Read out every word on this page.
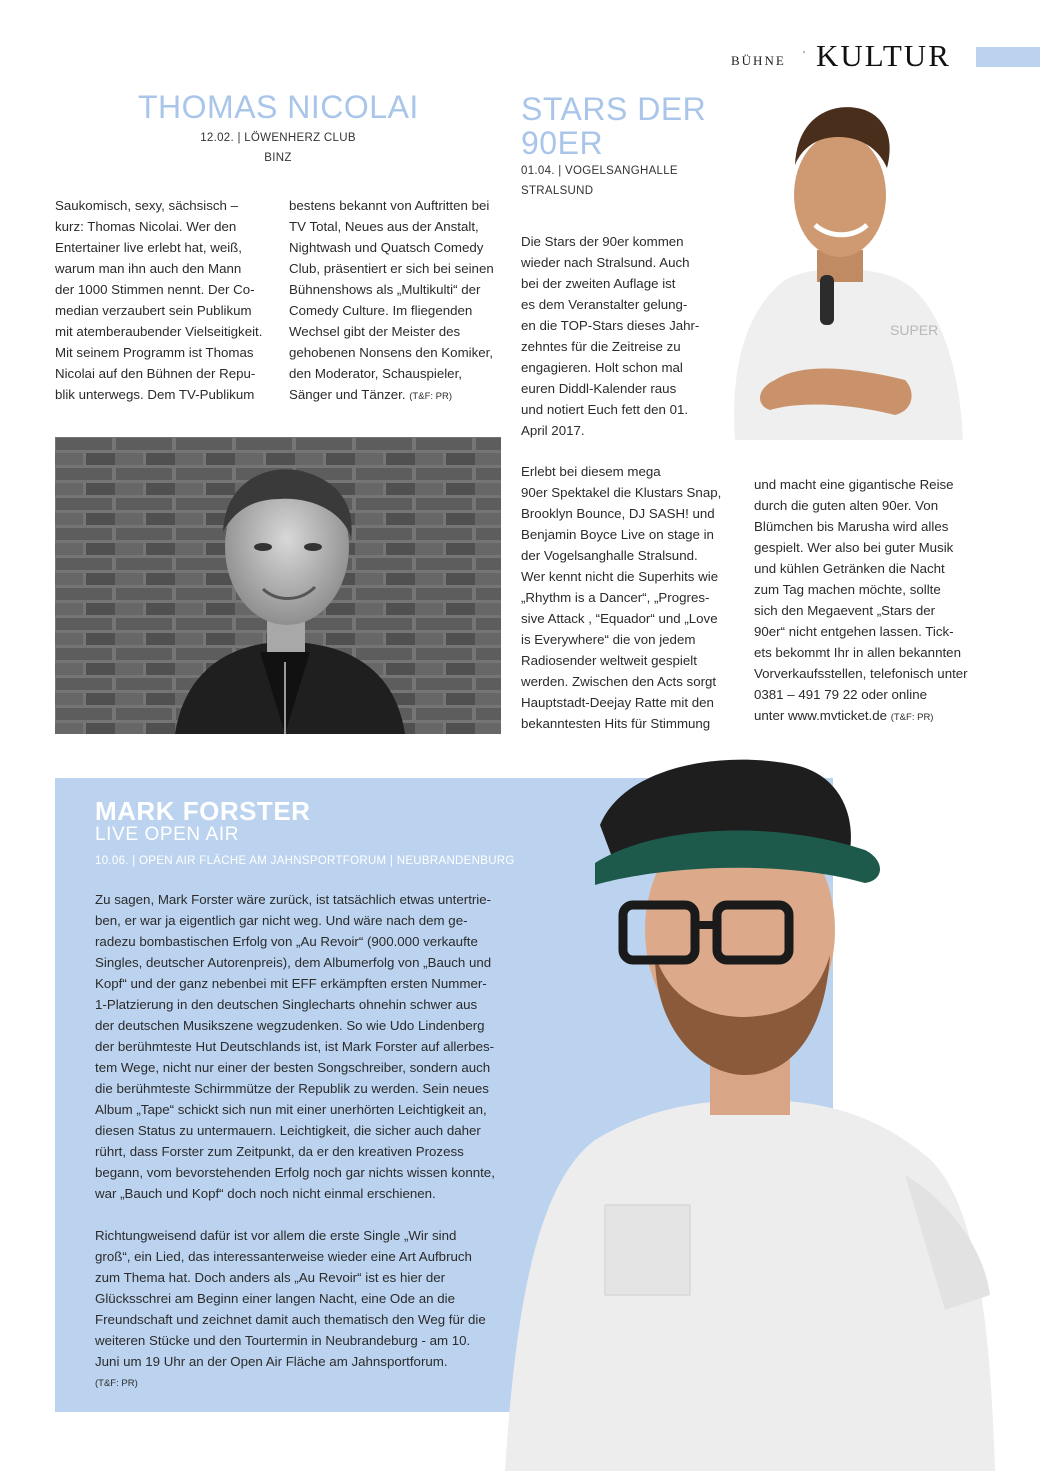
BÜHNE ' KULTUR
THOMAS NICOLAI
12.02. | LÖWENHERZ CLUB
BINZ

Saukomisch, sexy, sächsisch –

kurz: Thomas Nicolai. Wer den

Entertainer live erlebt hat, weiß,

warum man ihn auch den Mann

der 1000 Stimmen nennt. Der Co-

median verzaubert sein Publikum

mit atemberaubender Vielseitigkeit.

Mit seinem Programm ist Thomas

Nicolai auf den Bühnen der Repu-

blik unterwegs. Dem TV-Publikum

bestens bekannt von Auftritten bei

TV Total, Neues aus der Anstalt,

Nightwash und Quatsch Comedy

Club, präsentiert er sich bei seinen

Bühnenshows als „Multikulti“ der

Comedy Culture. Im fliegenden

Wechsel gibt der Meister des

gehobenen Nonsens den Komiker,

den Moderator, Schauspieler,

Sänger und Tänzer. (T&F: PR)

STARS DER
90ER
01.04. | VOGELSANGHALLE
STRALSUND

Die Stars der 90er kommen

wieder nach Stralsund. Auch

bei der zweiten Auflage ist

es dem Veranstalter gelung-

en die TOP-Stars dieses Jahr-

zehntes für die Zeitreise zu

engagieren. Holt schon mal

euren Diddl-Kalender raus

und notiert Euch fett den 01.

April 2017.

SUPER

Erlebt bei diesem mega

90er Spektakel die Klustars Snap,

Brooklyn Bounce, DJ SASH! und

Benjamin Boyce Live on stage in

der Vogelsanghalle Stralsund.

Wer kennt nicht die Superhits wie

„Rhythm is a Dancer“, „Progres-

sive Attack , “Equador“ und „Love

is Everywhere“ die von jedem

Radiosender weltweit gespielt

werden. Zwischen den Acts sorgt

Hauptstadt-Deejay Ratte mit den

bekanntesten Hits für Stimmung

und macht eine gigantische Reise

durch die guten alten 90er. Von

Blümchen bis Marusha wird alles

gespielt. Wer also bei guter Musik

und kühlen Getränken die Nacht

zum Tag machen möchte, sollte

sich den Megaevent „Stars der

90er“ nicht entgehen lassen. Tick-

ets bekommt Ihr in allen bekannten

Vorverkaufsstellen, telefonisch unter

0381 – 491 79 22 oder online

unter www.mvticket.de (T&F: PR)

MARK FORSTER
LIVE OPEN AIR
10.06. | OPEN AIR FLÄCHE AM JAHNSPORTFORUM | NEUBRANDENBURG

Zu sagen, Mark Forster wäre zurück, ist tatsächlich etwas untertrie-

ben, er war ja eigentlich gar nicht weg. Und wäre nach dem ge-

radezu bombastischen Erfolg von „Au Revoir“ (900.000 verkaufte

Singles, deutscher Autorenpreis), dem Albumerfolg von „Bauch und

Kopf“ und der ganz nebenbei mit EFF erkämpften ersten Nummer-

1-Platzierung in den deutschen Singlecharts ohnehin schwer aus

der deutschen Musikszene wegzudenken. So wie Udo Lindenberg

der berühmteste Hut Deutschlands ist, ist Mark Forster auf allerbes-

tem Wege, nicht nur einer der besten Songschreiber, sondern auch

die berühmteste Schirmmütze der Republik zu werden. Sein neues

Album „Tape“ schickt sich nun mit einer unerhörten Leichtigkeit an,

diesen Status zu untermauern. Leichtigkeit, die sicher auch daher

rührt, dass Forster zum Zeitpunkt, da er den kreativen Prozess

begann, vom bevorstehenden Erfolg noch gar nichts wissen konnte,

war „Bauch und Kopf“ doch noch nicht einmal erschienen.

Richtungweisend dafür ist vor allem die erste Single „Wir sind

groß“, ein Lied, das interessanterweise wieder eine Art Aufbruch

zum Thema hat. Doch anders als „Au Revoir“ ist es hier der

Glücksschrei am Beginn einer langen Nacht, eine Ode an die

Freundschaft und zeichnet damit auch thematisch den Weg für die

weiteren Stücke und den Tourtermin in Neubrandeburg - am 10.

Juni um 19 Uhr an der Open Air Fläche am Jahnsportforum.

(T&F: PR)
